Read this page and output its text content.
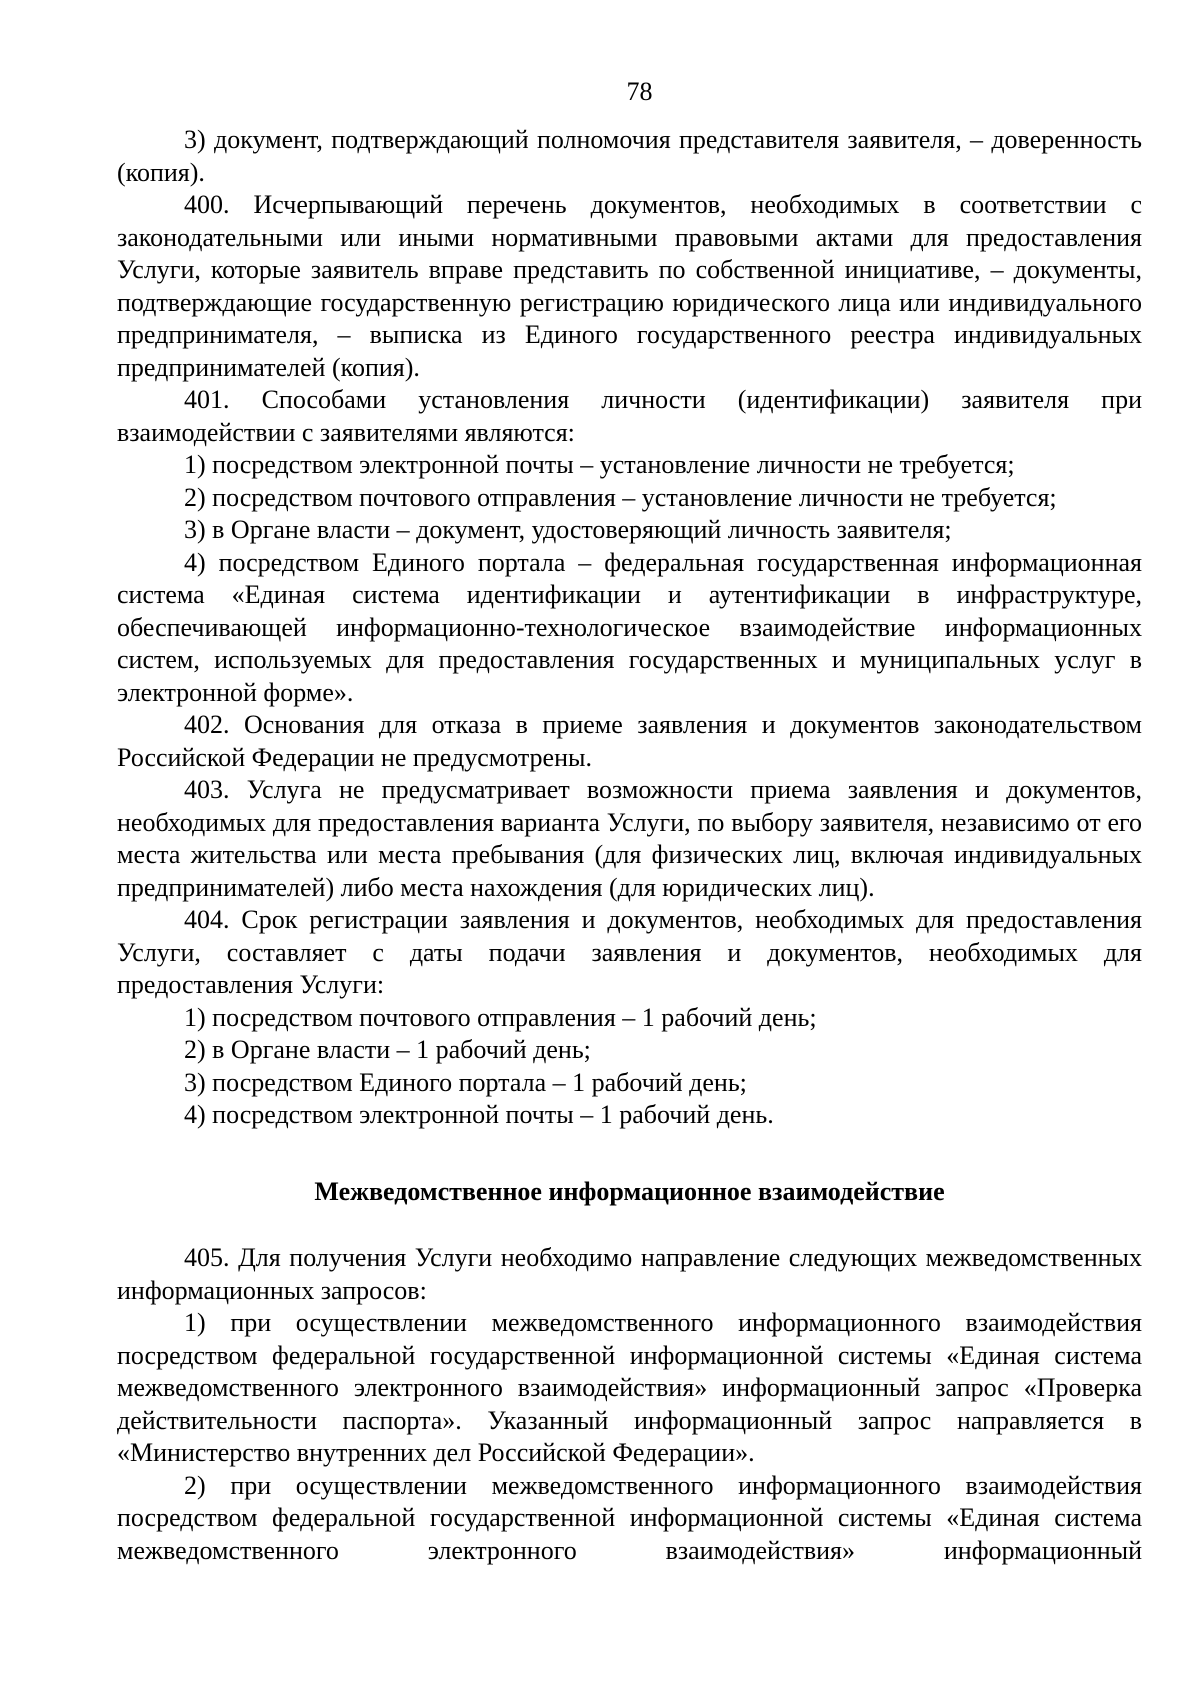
78

3) документ, подтверждающий полномочия представителя заявителя, – доверенность (копия).

400. Исчерпывающий перечень документов, необходимых в соответствии с законодательными или иными нормативными правовыми актами для предоставления Услуги, которые заявитель вправе представить по собственной инициативе, – документы, подтверждающие государственную регистрацию юридического лица или индивидуального предпринимателя, – выписка из Единого государственного реестра индивидуальных предпринимателей (копия).

401. Способами установления личности (идентификации) заявителя при взаимодействии с заявителями являются:

1) посредством электронной почты – установление личности не требуется;

2) посредством почтового отправления – установление личности не требуется;

3) в Органе власти – документ, удостоверяющий личность заявителя;

4) посредством Единого портала – федеральная государственная информационная система «Единая система идентификации и аутентификации в инфраструктуре, обеспечивающей информационно-технологическое взаимодействие информационных систем, используемых для предоставления государственных и муниципальных услуг в электронной форме».

402. Основания для отказа в приеме заявления и документов законодательством Российской Федерации не предусмотрены.

403. Услуга не предусматривает возможности приема заявления и документов, необходимых для предоставления варианта Услуги, по выбору заявителя, независимо от его места жительства или места пребывания (для физических лиц, включая индивидуальных предпринимателей) либо места нахождения (для юридических лиц).

404. Срок регистрации заявления и документов, необходимых для предоставления Услуги, составляет с даты подачи заявления и документов, необходимых для предоставления Услуги:

1) посредством почтового отправления – 1 рабочий день;

2) в Органе власти – 1 рабочий день;

3) посредством Единого портала – 1 рабочий день;

4) посредством электронной почты – 1 рабочий день.

Межведомственное информационное взаимодействие

405. Для получения Услуги необходимо направление следующих межведомственных информационных запросов:

1) при осуществлении межведомственного информационного взаимодействия посредством федеральной государственной информационной системы «Единая система межведомственного электронного взаимодействия» информационный запрос «Проверка действительности паспорта». Указанный информационный запрос направляется в «Министерство внутренних дел Российской Федерации».

2) при осуществлении межведомственного информационного взаимодействия посредством федеральной государственной информационной системы «Единая система межведомственного электронного взаимодействия» информационный
